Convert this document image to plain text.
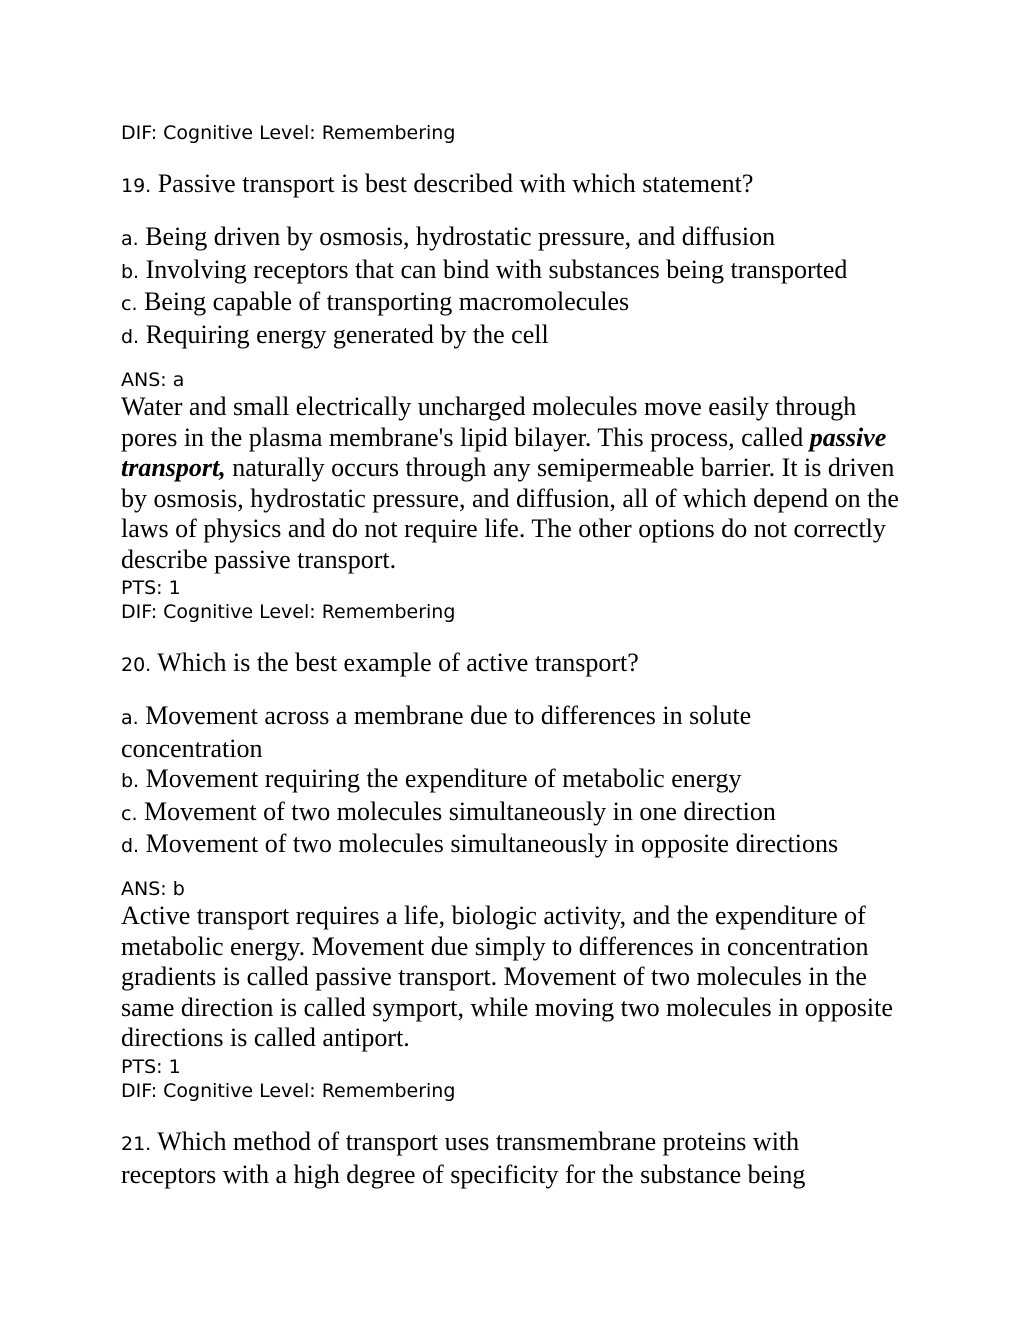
DIF: Cognitive Level: Remembering
19. Passive transport is best described with which statement?

a. Being driven by osmosis, hydrostatic pressure, and diffusion

b. Involving receptors that can bind with substances being transported

c. Being capable of transporting macromolecules

d. Requiring energy generated by the cell

ANS: a

Water and small electrically uncharged molecules move easily through pores in the plasma membrane's lipid bilayer. This process, called passive transport, naturally occurs through any semipermeable barrier. It is driven by osmosis, hydrostatic pressure, and diffusion, all of which depend on the laws of physics and do not require life. The other options do not correctly describe passive transport.

PTS: 1
DIF: Cognitive Level: Remembering
20. Which is the best example of active transport?

a. Movement across a membrane due to differences in solute concentration

b. Movement requiring the expenditure of metabolic energy

c. Movement of two molecules simultaneously in one direction

d. Movement of two molecules simultaneously in opposite directions

ANS: b
Active transport requires a life, biologic activity, and the expenditure of metabolic energy. Movement due simply to differences in concentration gradients is called passive transport. Movement of two molecules in the same direction is called symport, while moving two molecules in opposite directions is called antiport.
PTS: 1
DIF: Cognitive Level: Remembering
21. Which method of transport uses transmembrane proteins with receptors with a high degree of specificity for the substance being
